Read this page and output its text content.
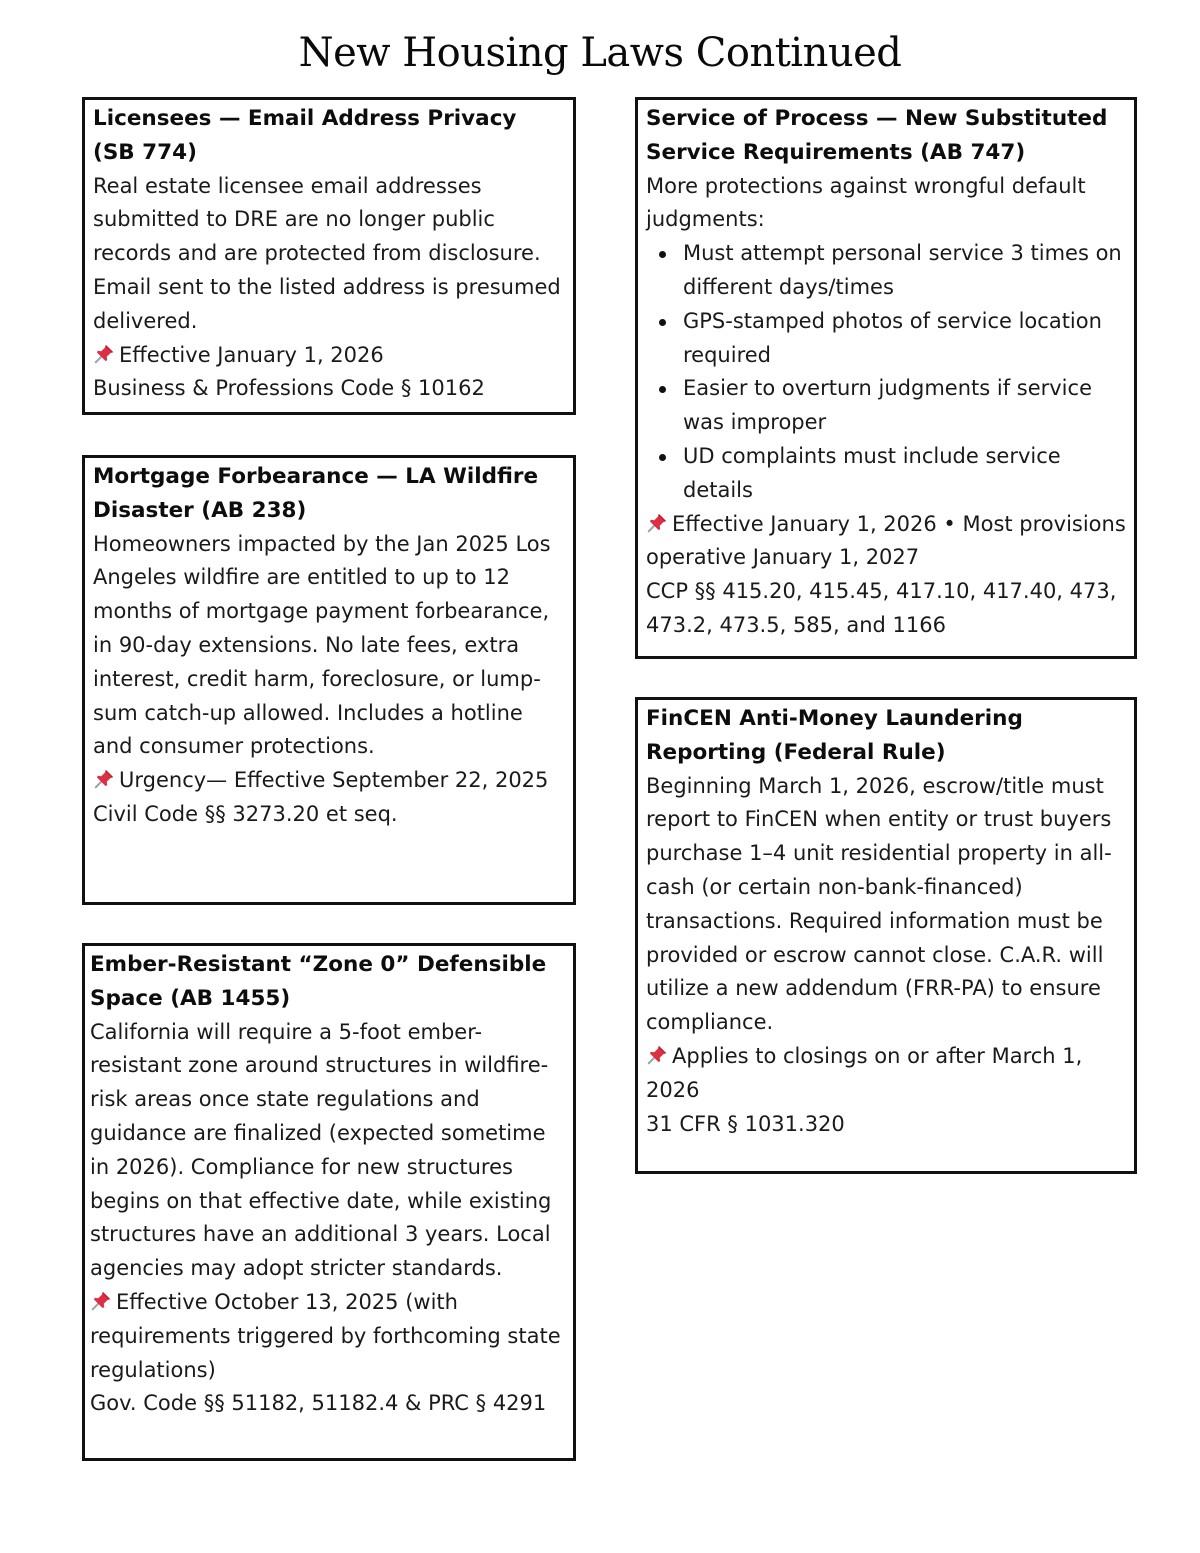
New Housing Laws Continued

Licensees — Email Address Privacy (SB 774)

Real estate licensee email addresses submitted to DRE are no longer public records and are protected from disclosure. Email sent to the listed address is presumed delivered.

Effective January 1, 2026

Business & Professions Code § 10162

Mortgage Forbearance — LA Wildfire Disaster (AB 238)

Homeowners impacted by the Jan 2025 Los Angeles wildfire are entitled to up to 12 months of mortgage payment forbearance, in 90-day extensions. No late fees, extra interest, credit harm, foreclosure, or lump-sum catch-up allowed. Includes a hotline and consumer protections.

Urgency— Effective September 22, 2025

Civil Code §§ 3273.20 et seq.

Ember-Resistant “Zone 0” Defensible Space (AB 1455)

California will require a 5-foot ember-resistant zone around structures in wildfire-risk areas once state regulations and guidance are finalized (expected sometime in 2026). Compliance for new structures begins on that effective date, while existing structures have an additional 3 years. Local agencies may adopt stricter standards.

Effective October 13, 2025 (with requirements triggered by forthcoming state regulations)

Gov. Code §§ 51182, 51182.4 & PRC § 4291

Service of Process — New Substituted Service Requirements (AB 747)

More protections against wrongful default judgments:

Must attempt personal service 3 times on different days/times
GPS-stamped photos of service location required
Easier to overturn judgments if service was improper
UD complaints must include service details

Effective January 1, 2026 • Most provisions operative January 1, 2027

CCP §§ 415.20, 415.45, 417.10, 417.40, 473, 473.2, 473.5, 585, and 1166

FinCEN Anti-Money Laundering Reporting (Federal Rule)

Beginning March 1, 2026, escrow/title must report to FinCEN when entity or trust buyers purchase 1–4 unit residential property in all-cash (or certain non-bank-financed) transactions. Required information must be provided or escrow cannot close. C.A.R. will utilize a new addendum (FRR-PA) to ensure compliance.

Applies to closings on or after March 1, 2026

31 CFR § 1031.320
